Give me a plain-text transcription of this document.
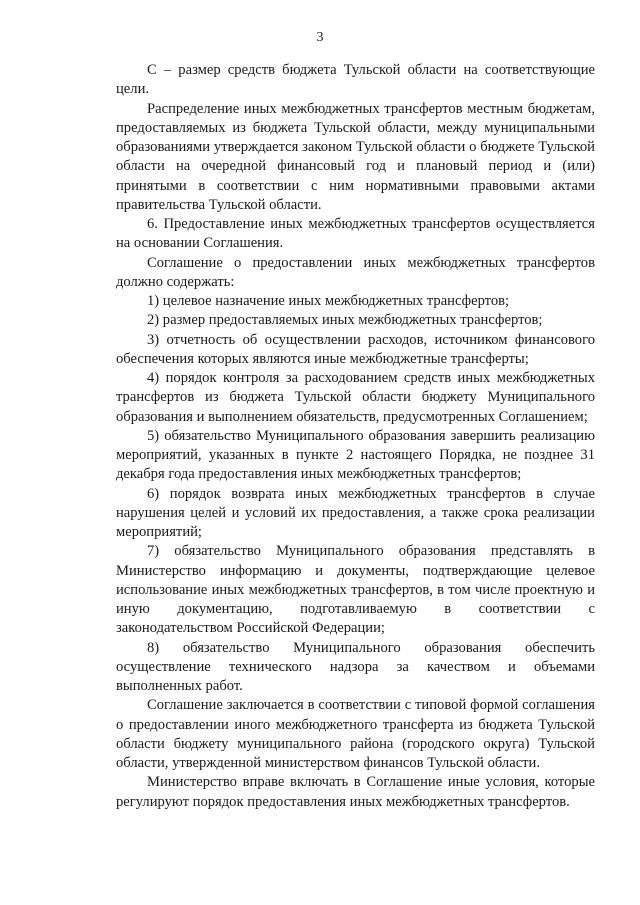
3

С – размер средств бюджета Тульской области на соответствующие цели.

Распределение иных межбюджетных трансфертов местным бюджетам, предоставляемых из бюджета Тульской области, между муниципальными образованиями утверждается законом Тульской области о бюджете Тульской области на очередной финансовый год и плановый период и (или) принятыми в соответствии с ним нормативными правовыми актами правительства Тульской области.

6. Предоставление иных межбюджетных трансфертов осуществляется на основании Соглашения.

Соглашение о предоставлении иных межбюджетных трансфертов должно содержать:

1) целевое назначение иных межбюджетных трансфертов;

2) размер предоставляемых иных межбюджетных трансфертов;

3) отчетность об осуществлении расходов, источником финансового обеспечения которых являются иные межбюджетные трансферты;

4) порядок контроля за расходованием средств иных межбюджетных трансфертов из бюджета Тульской области бюджету Муниципального образования и выполнением обязательств, предусмотренных Соглашением;

5) обязательство Муниципального образования завершить реализацию мероприятий, указанных в пункте 2 настоящего Порядка, не позднее 31 декабря года предоставления иных межбюджетных трансфертов;

6) порядок возврата иных межбюджетных трансфертов в случае нарушения целей и условий их предоставления, а также срока реализации мероприятий;

7) обязательство Муниципального образования представлять в Министерство информацию и документы, подтверждающие целевое использование иных межбюджетных трансфертов, в том числе проектную и иную документацию, подготавливаемую в соответствии с законодательством Российской Федерации;

8) обязательство Муниципального образования обеспечить осуществление технического надзора за качеством и объемами выполненных работ.

Соглашение заключается в соответствии с типовой формой соглашения о предоставлении иного межбюджетного трансферта из бюджета Тульской области бюджету муниципального района (городского округа) Тульской области, утвержденной министерством финансов Тульской области.

Министерство вправе включать в Соглашение иные условия, которые регулируют порядок предоставления иных межбюджетных трансфертов.
